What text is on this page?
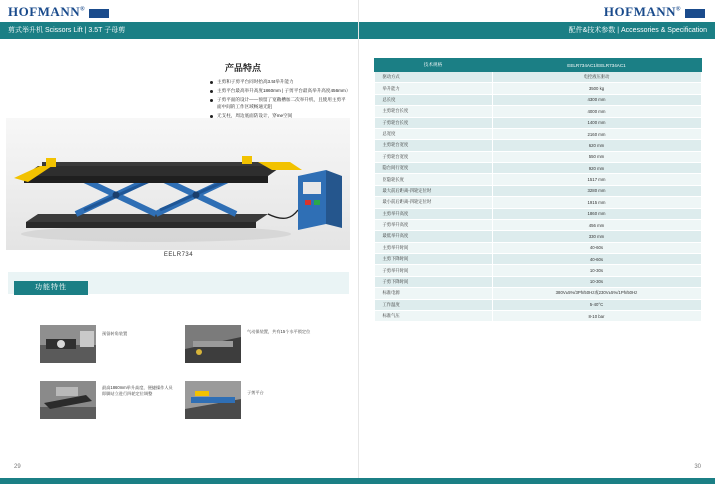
HOFMANN®
剪式举升机 Scissors Lift | 3.5T 子母剪
产品特点
主剪和子剪平台同时抬高3.5t举升能力
主剪平台最高举升高度1860mm | 子剪平台最高举升高度456mm）
子剪平面的设计——预留了宽敞槽加二次举升机，且使用主剪平面中间的工作区域畅通无阻
无支柱，周边底面防设计，穿me空间
EELR734
功能特性
预留转角装置	气动保装置，共有15个水平锁定位
最高1860mm举升高度，便捷操作人员即脚站立进行四轮定位调整	子剪平台
29
HOFMANN®
配件&技术参数 | Accessories & Specification
技术规格	EELR734AC1/EELR734AC1
驱动方式	电控液压驱动
举升能力	3500 kg
总长度	4300 mm
主剪轮台长度	4000 mm
子剪轮台长度	1400 mm
总宽度	2160 mm
主剪轮台宽度	620 mm
子剪轮台宽度	550 mm
隐台间行宽度	920 mm
臣隐轮长度	1517 mm
最大前后距离-四轮定位时	3280 mm
最小前后距离-四轮定位时	1915 mm
主剪举升高度	1860 mm
子剪举升高度	456 mm
最低举升高度	330 mm
主剪举升时间	40-60s
主剪下降时间	40-60s
子剪举升时间	10-30s
子剪下降时间	10-30s
标准电源	380V±5%/3Ph/50Hz或230V±5%/1Ph/50Hz
工作温度	5-40°C
标准气压	8-10 bar
30
